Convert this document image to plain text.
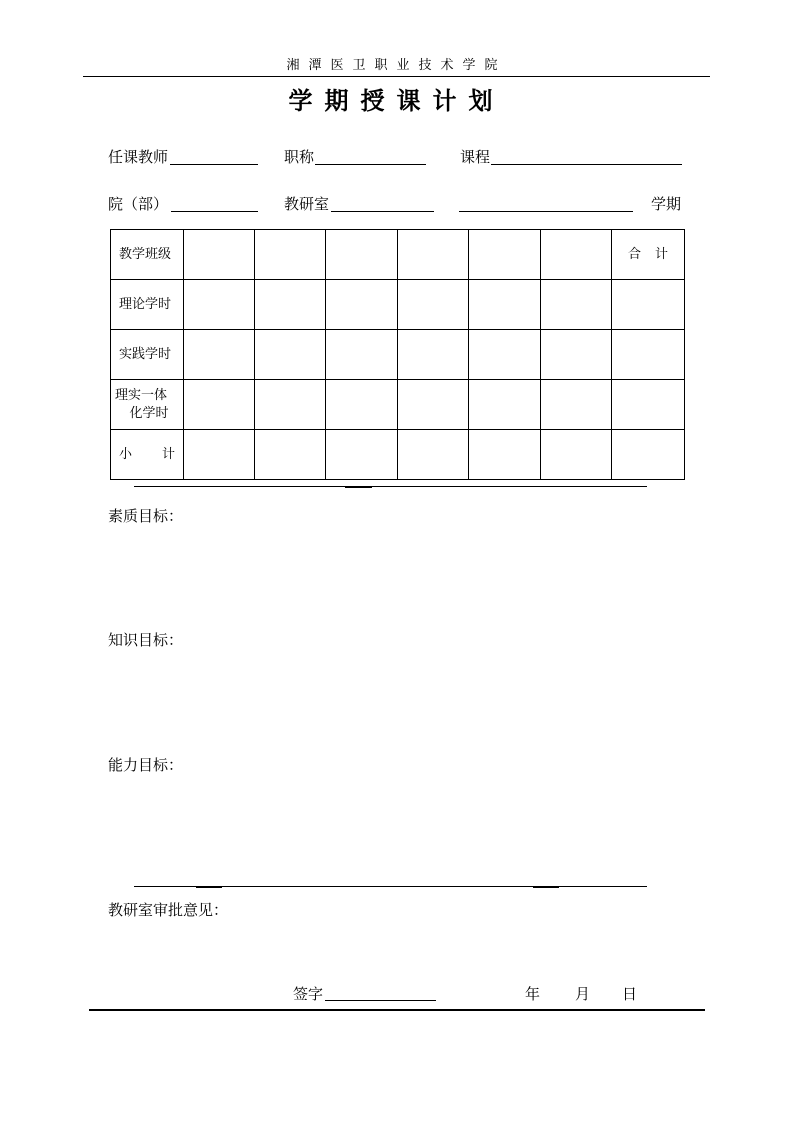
湘潭医卫职业技术学院
学期授课计划
任课教师	职称	课程
院（部）	教研室	学期
教学班级							合 计

理论学时							
实践学时							

理实一体
化学时							

小 计							

素质目标：
知识目标：
能力目标：
教研室审批意见：
签字	年 月 日
